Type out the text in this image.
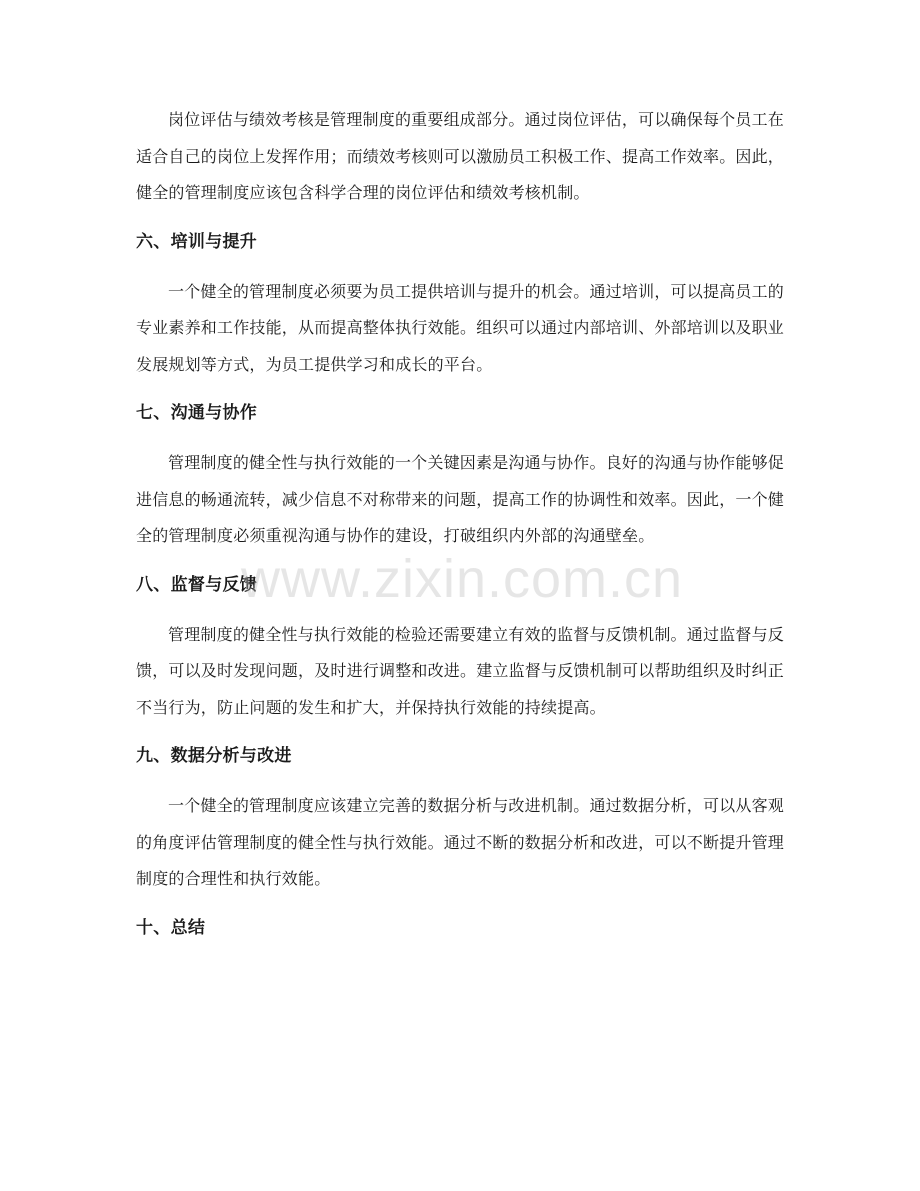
岗位评估与绩效考核是管理制度的重要组成部分。通过岗位评估，可以确保每个员工在适合自己的岗位上发挥作用；而绩效考核则可以激励员工积极工作、提高工作效率。因此，健全的管理制度应该包含科学合理的岗位评估和绩效考核机制。

六、培训与提升

一个健全的管理制度必须要为员工提供培训与提升的机会。通过培训，可以提高员工的专业素养和工作技能，从而提高整体执行效能。组织可以通过内部培训、外部培训以及职业发展规划等方式，为员工提供学习和成长的平台。

七、沟通与协作

管理制度的健全性与执行效能的一个关键因素是沟通与协作。良好的沟通与协作能够促进信息的畅通流转，减少信息不对称带来的问题，提高工作的协调性和效率。因此，一个健全的管理制度必须重视沟通与协作的建设，打破组织内外部的沟通壁垒。

八、监督与反馈

管理制度的健全性与执行效能的检验还需要建立有效的监督与反馈机制。通过监督与反馈，可以及时发现问题，及时进行调整和改进。建立监督与反馈机制可以帮助组织及时纠正不当行为，防止问题的发生和扩大，并保持执行效能的持续提高。

九、数据分析与改进

一个健全的管理制度应该建立完善的数据分析与改进机制。通过数据分析，可以从客观的角度评估管理制度的健全性与执行效能。通过不断的数据分析和改进，可以不断提升管理制度的合理性和执行效能。

十、总结
www.zixin.com.cn
